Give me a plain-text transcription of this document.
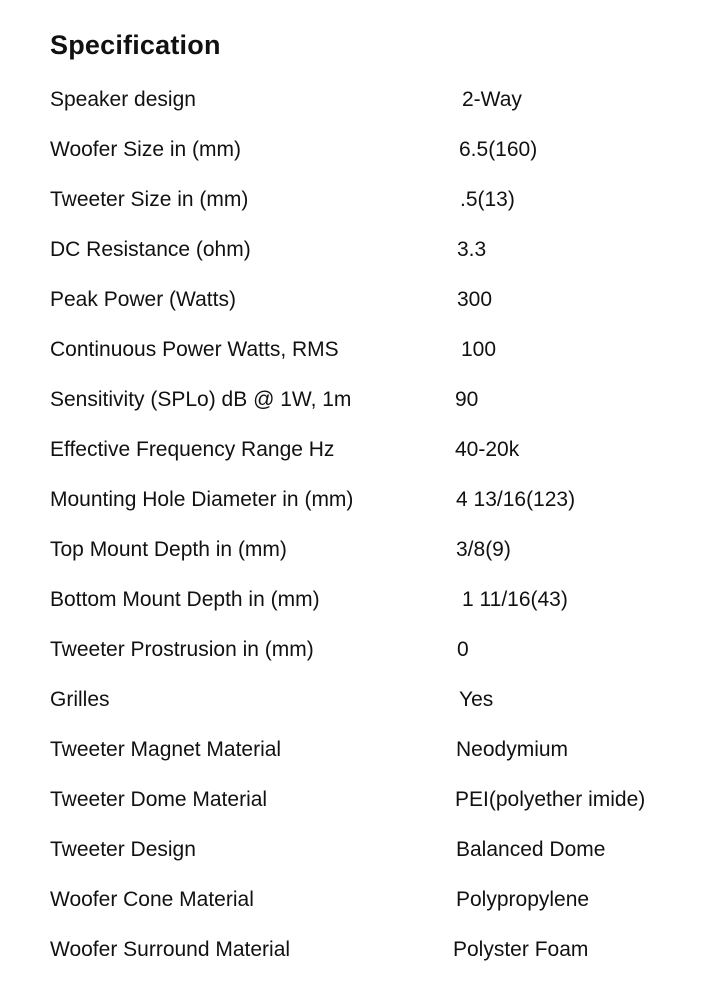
Specification
Speaker design	2-Way
Woofer Size in (mm)	6.5(160)
Tweeter Size in (mm)	.5(13)
DC Resistance (ohm)	3.3
Peak Power (Watts)	300
Continuous Power Watts, RMS	100
Sensitivity (SPLo) dB @ 1W, 1m	90
Effective Frequency Range Hz	40-20k
Mounting Hole Diameter in (mm)	4 13/16(123)
Top Mount Depth in (mm)	3/8(9)
Bottom Mount Depth in (mm)	1 11/16(43)
Tweeter Prostrusion in (mm)	0
Grilles	Yes
Tweeter Magnet Material	Neodymium
Tweeter Dome Material	PEI(polyether imide)
Tweeter Design	Balanced Dome
Woofer Cone Material	Polypropylene
Woofer Surround Material	Polyster Foam
